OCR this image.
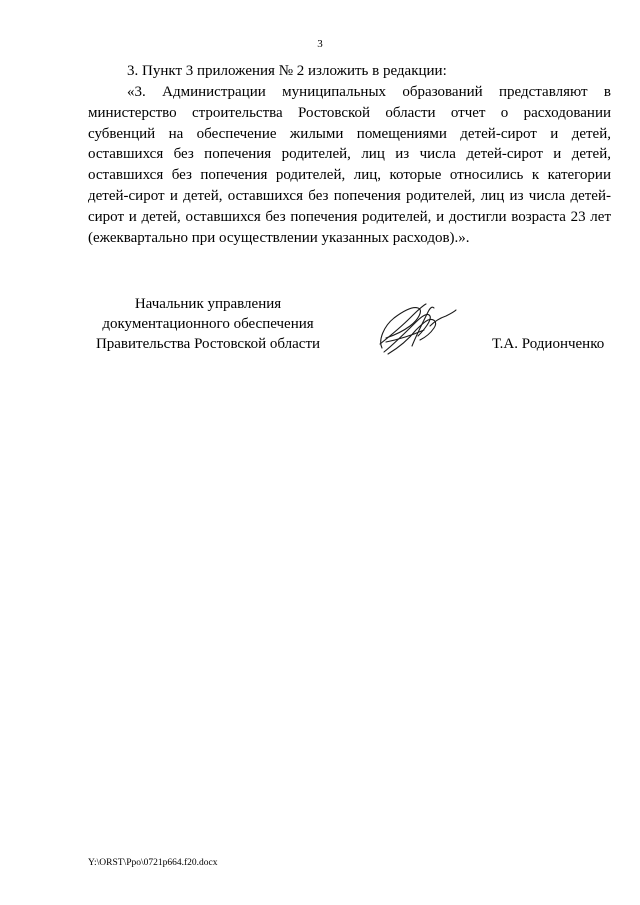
3

3. Пункт 3 приложения № 2 изложить в редакции:

«3. Администрации муниципальных образований представляют в министерство строительства Ростовской области отчет о расходовании субвенций на обеспечение жилыми помещениями детей-сирот и детей, оставшихся без попечения родителей, лиц из числа детей-сирот и детей, оставшихся без попечения родителей, лиц, которые относились к категории детей-сирот и детей, оставшихся без попечения родителей, лиц из числа детей-сирот и детей, оставшихся без попечения родителей, и достигли возраста 23 лет (ежеквартально при осуществлении указанных расходов).».

Начальник управления
документационного обеспечения
Правительства Ростовской области	Т.А. Родионченко
Y:\ORST\Ppo\0721p664.f20.docx
